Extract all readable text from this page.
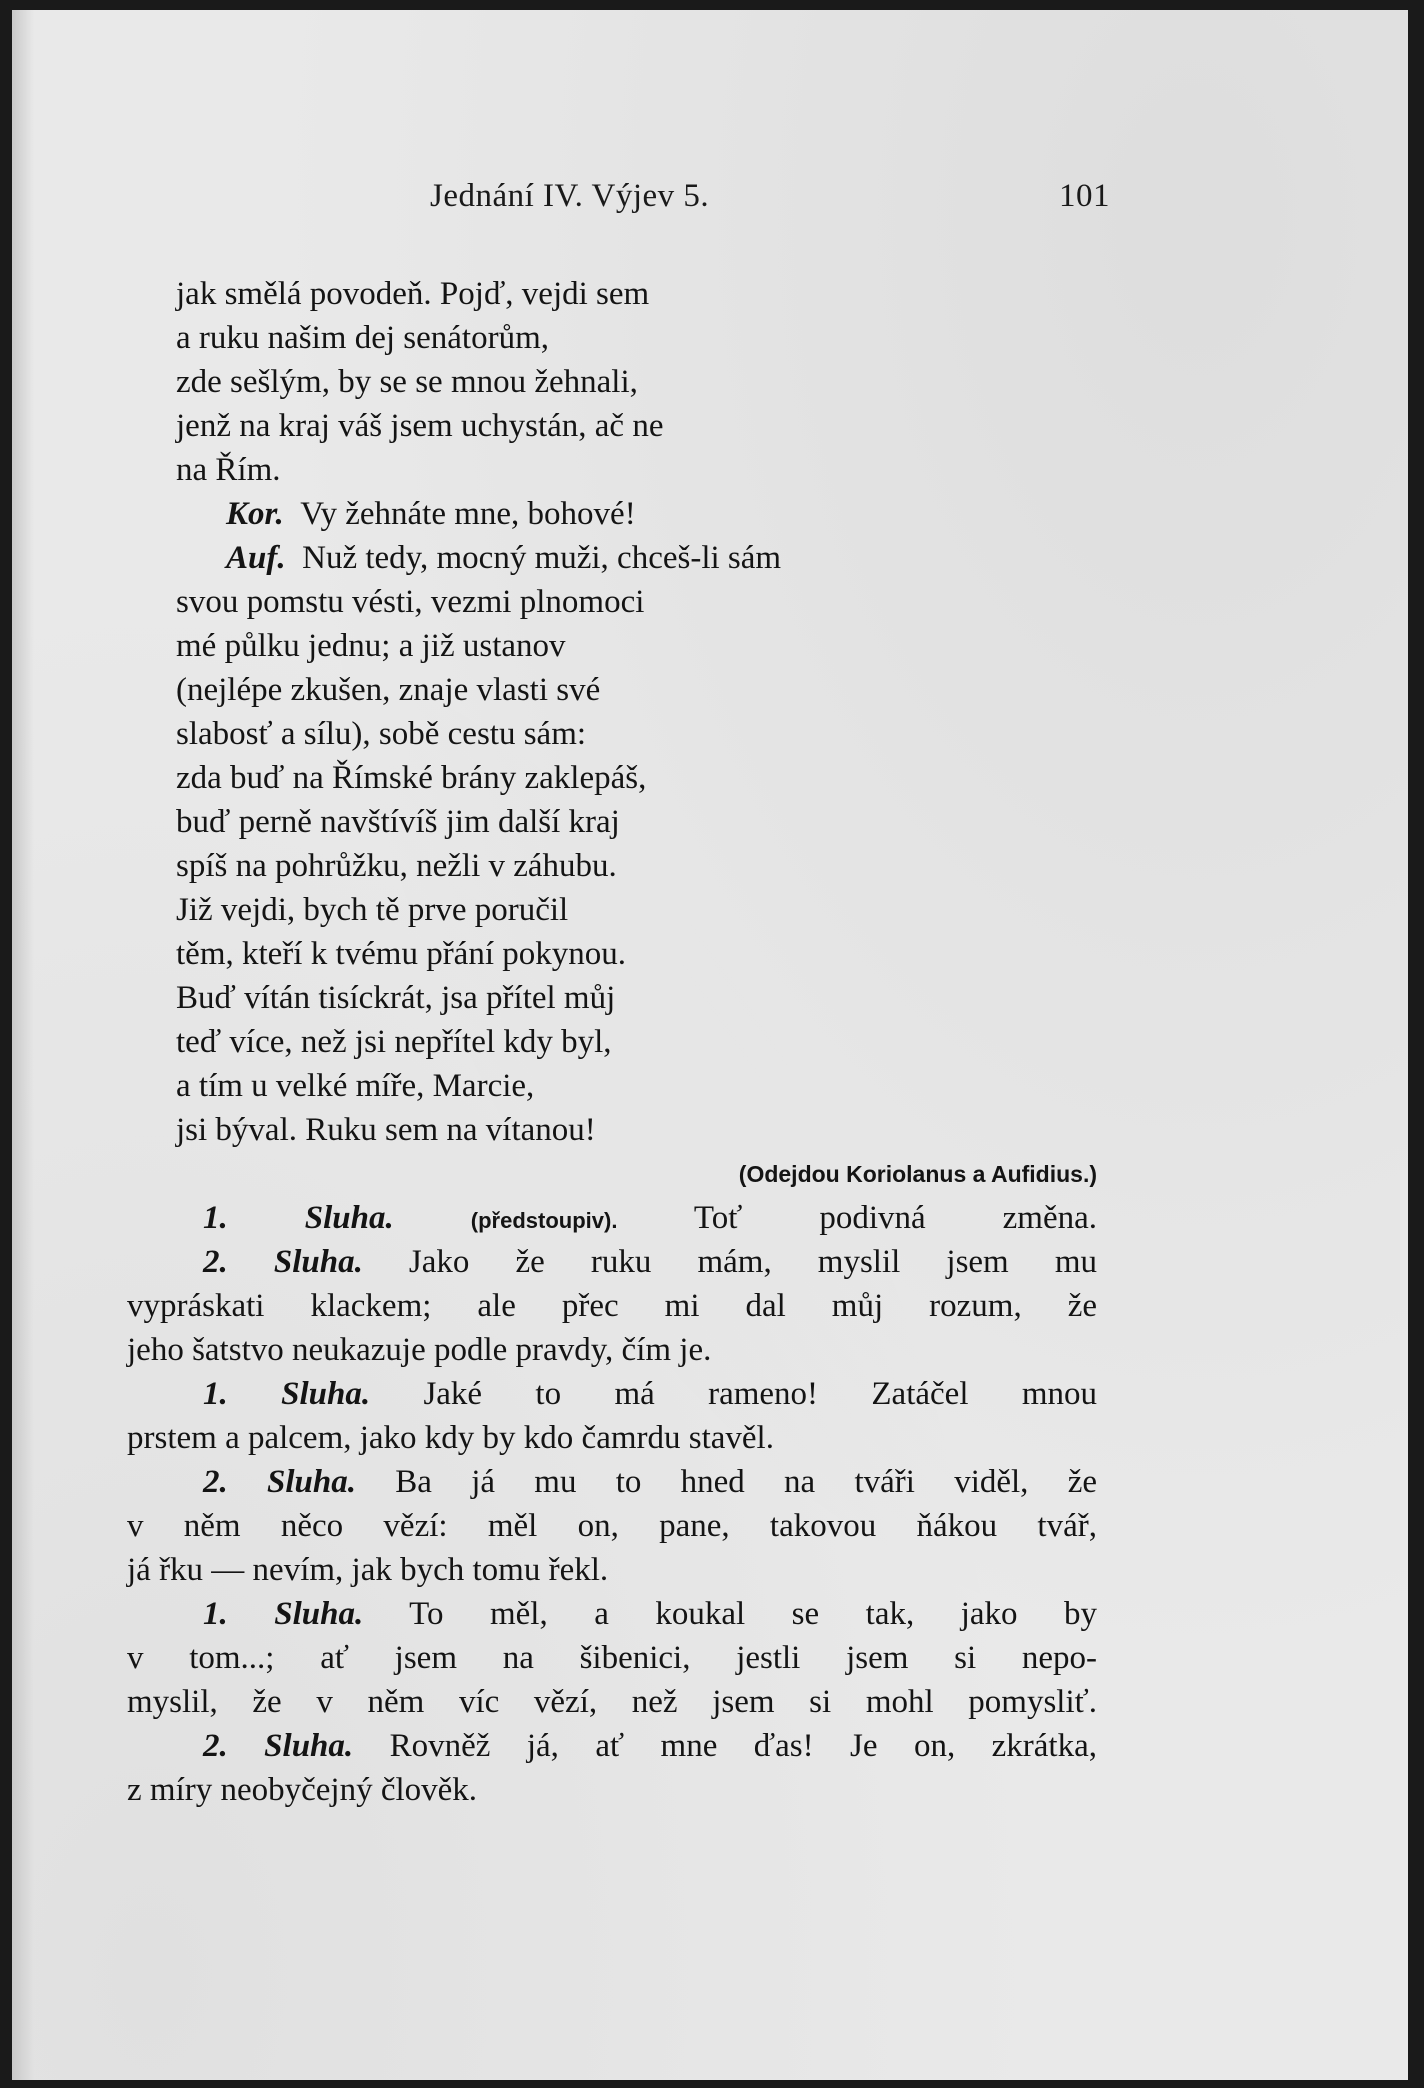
Jednání IV. Výjev 5.	101
jak smělá povodeň. Pojď, vejdi sem
a ruku našim dej senátorům,
zde sešlým, by se se mnou žehnali,
jenž na kraj váš jsem uchystán, ač ne
na Řím.
Kor. Vy žehnáte mne, bohové!
Auf. Nuž tedy, mocný muži, chceš-li sám
svou pomstu vésti, vezmi plnomoci
mé půlku jednu; a již ustanov
(nejlépe zkušen, znaje vlasti své
slabosť a sílu), sobě cestu sám:
zda buď na Římské brány zaklepáš,
buď perně navštívíš jim další kraj
spíš na pohrůžku, nežli v záhubu.
Již vejdi, bych tě prve poručil
těm, kteří k tvému přání pokynou.
Buď vítán tisíckrát, jsa přítel můj
teď více, než jsi nepřítel kdy byl,
a tím u velké míře, Marcie,
jsi býval. Ruku sem na vítanou!
(Odejdou Koriolanus a Aufidius.)
1. Sluha.	(předstoupiv). Toť podivná změna.
2. Sluha. Jako že ruku mám, myslil jsem mu
vypráskati klackem; ale přec mi dal můj rozum, že
jeho šatstvo neukazuje podle pravdy, čím je.
1. Sluha. Jaké to má rameno! Zatáčel mnou
prstem a palcem, jako kdy by kdo čamrdu stavěl.
2. Sluha. Ba já mu to hned na tváři viděl, že
v něm něco vězí: měl on, pane, takovou ňákou tvář,
já řku — nevím, jak bych tomu řekl.
1. Sluha. To měl, a koukal se tak, jako by
v tom...; ať jsem na šibenici, jestli jsem si nepo-
myslil, že v něm víc vězí, než jsem si mohl pomysliť.
2. Sluha. Rovněž já, ať mne ďas! Je on, zkrátka,
z míry neobyčejný člověk.
